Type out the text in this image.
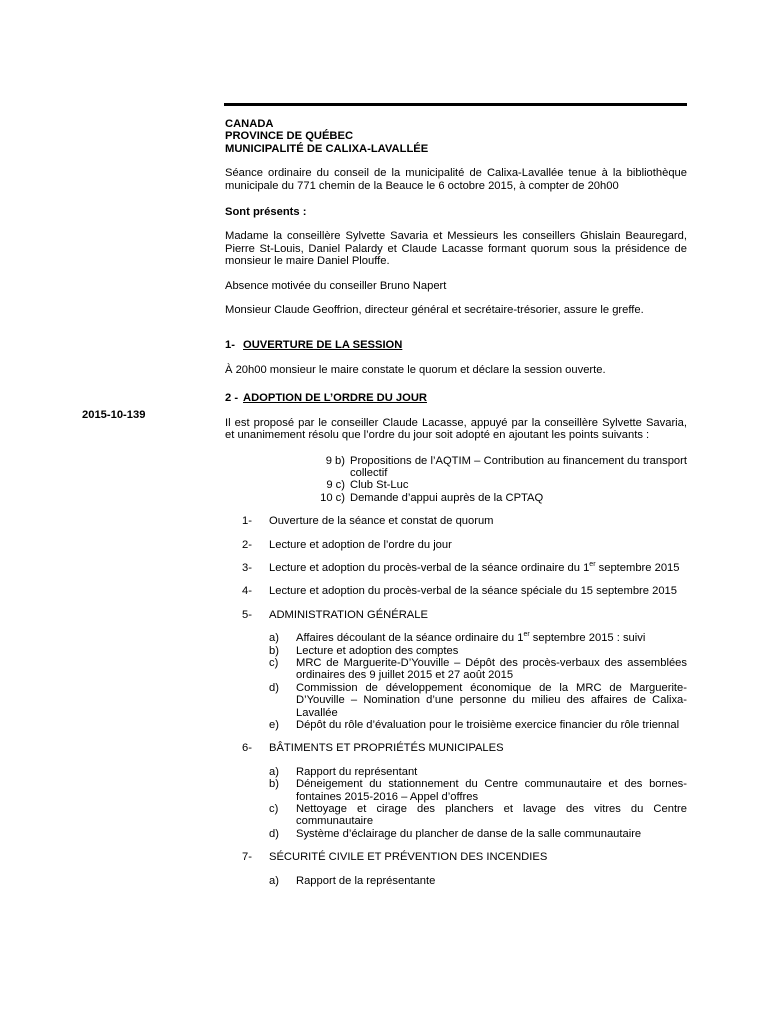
2015-10-139

CANADA

PROVINCE DE QUÉBEC

MUNICIPALITÉ DE CALIXA-LAVALLÉE

Séance ordinaire du conseil de la municipalité de Calixa-Lavallée tenue à la bibliothèque municipale du 771 chemin de la Beauce le 6 octobre 2015, à compter de 20h00

Sont présents :

Madame la conseillère Sylvette Savaria et Messieurs les conseillers Ghislain Beauregard, Pierre St-Louis, Daniel Palardy et Claude Lacasse formant quorum sous la présidence de monsieur le maire Daniel Plouffe.

Absence motivée du conseiller Bruno Napert

Monsieur Claude Geoffrion, directeur général et secrétaire-trésorier, assure le greffe.

1- OUVERTURE DE LA SESSION

À 20h00 monsieur le maire constate le quorum et déclare la session ouverte.

2 - ADOPTION DE L’ORDRE DU JOUR

Il est proposé par le conseiller Claude Lacasse, appuyé par la conseillère Sylvette Savaria, et unanimement résolu que l’ordre du jour soit adopté en ajoutant les points suivants :

9 b) Propositions de l’AQTIM – Contribution au financement du transport collectif
9 c) Club St-Luc
10 c) Demande d’appui auprès de la CPTAQ
1-	Ouverture de la séance et constat de quorum
2-	Lecture et adoption de l’ordre du jour
3-	Lecture et adoption du procès-verbal de la séance ordinaire du 1er septembre 2015
4-	Lecture et adoption du procès-verbal de la séance spéciale du 15 septembre 2015
5-	ADMINISTRATION GÉNÉRALE
a)	Affaires découlant de la séance ordinaire du 1er septembre 2015 : suivi
b)	Lecture et adoption des comptes
c)	MRC de Marguerite-D’Youville – Dépôt des procès-verbaux des assemblées ordinaires des 9 juillet 2015 et 27 août 2015
d)	Commission de développement économique de la MRC de Marguerite-D’Youville – Nomination d’une personne du milieu des affaires de Calixa-Lavallée
e)	Dépôt du rôle d’évaluation pour le troisième exercice financier du rôle triennal
6-	BÂTIMENTS ET PROPRIÉTÉS MUNICIPALES
a)	Rapport du représentant
b)	Déneigement du stationnement du Centre communautaire et des bornes-fontaines 2015-2016 – Appel d’offres
c)	Nettoyage et cirage des planchers et lavage des vitres du Centre communautaire
d)	Système d’éclairage du plancher de danse de la salle communautaire
7-	SÉCURITÉ CIVILE ET PRÉVENTION DES INCENDIES
a)	Rapport de la représentante
